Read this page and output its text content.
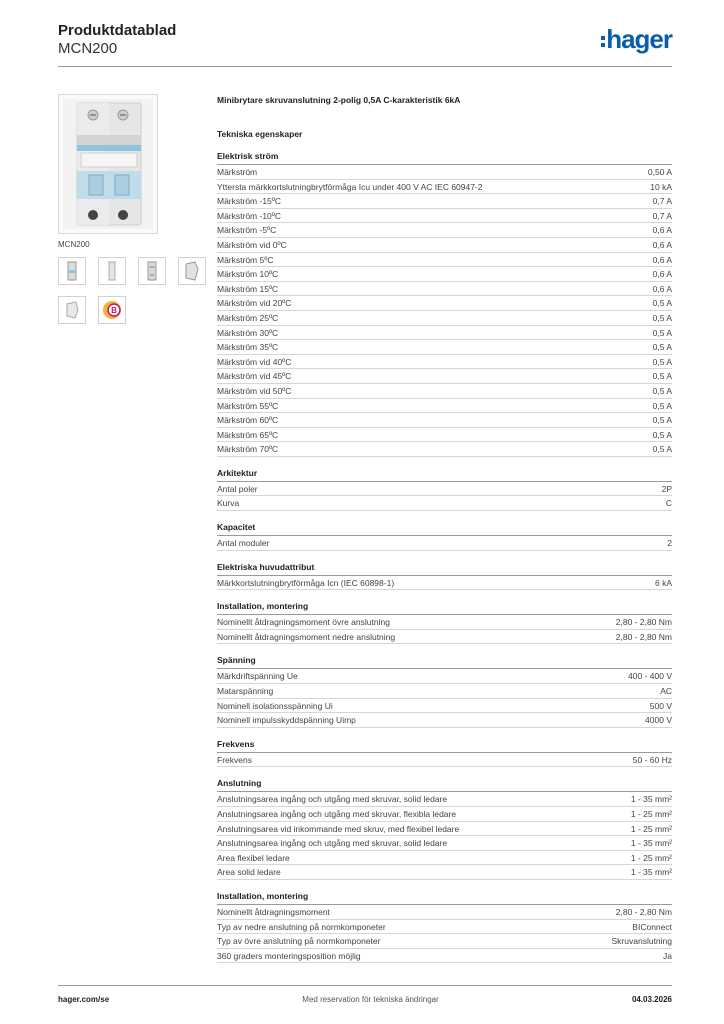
Produktdatablad
MCN200	hager
MCN200
B
Minibrytare skruvanslutning 2-polig 0,5A C-karakteristik 6kA
Tekniska egenskaper
Elektrisk ström
Märkström	0,50 A
Yttersta märkkortslutningbrytförmåga Icu under 400 V AC IEC 60947-2	10 kA
Märkström -15ºC	0,7 A
Märkström -10ºC	0,7 A
Märkström -5ºC	0,6 A
Märkström vid 0ºC	0,6 A
Märkström 5ºC	0,6 A
Märkström 10ºC	0,6 A
Märkström 15ºC	0,6 A
Märkström vid 20ºC	0,5 A
Märkström 25ºC	0,5 A
Märkström 30ºC	0,5 A
Märkström 35ºC	0,5 A
Märkström vid 40ºC	0,5 A
Märkström vid 45ºC	0,5 A
Märkström vid 50ºC	0,5 A
Märkström 55ºC	0,5 A
Märkström 60ºC	0,5 A
Märkström 65ºC	0,5 A
Märkström 70ºC	0,5 A
Arkitektur
Antal poler	2P
Kurva	C
Kapacitet
Antal moduler	2
Elektriska huvudattribut
Märkkortslutningbrytförmåga Icn (IEC 60898-1)	6 kA
Installation, montering
Nominellt åtdragningsmoment övre anslutning	2,80 - 2,80 Nm
Nominellt åtdragningsmoment nedre anslutning	2,80 - 2,80 Nm
Spänning
Märkdriftspänning Ue	400 - 400 V
Matarspänning	AC
Nominell isolationsspänning Ui	500 V
Nominell impulsskyddspänning Uimp	4000 V
Frekvens
Frekvens	50 - 60 Hz
Anslutning
Anslutningsarea ingång och utgång med skruvar, solid ledare	1 - 35 mm²
Anslutningsarea ingång och utgång med skruvar, flexibla ledare	1 - 25 mm²
Anslutningsarea vid inkommande med skruv, med flexibel ledare	1 - 25 mm²
Anslutningsarea ingång och utgång med skruvar, solid ledare	1 - 35 mm²
Area flexibel ledare	1 - 25 mm²
Area solid ledare	1 - 35 mm²
Installation, montering
Nominellt åtdragningsmoment	2,80 - 2,80 Nm
Typ av nedre anslutning på normkomponeter	BIConnect
Typ av övre anslutning på normkomponeter	Skruvanslutning
360 graders monteringsposition möjlig	Ja
hager.com/se	Med reservation för tekniska ändringar	04.03.2026
